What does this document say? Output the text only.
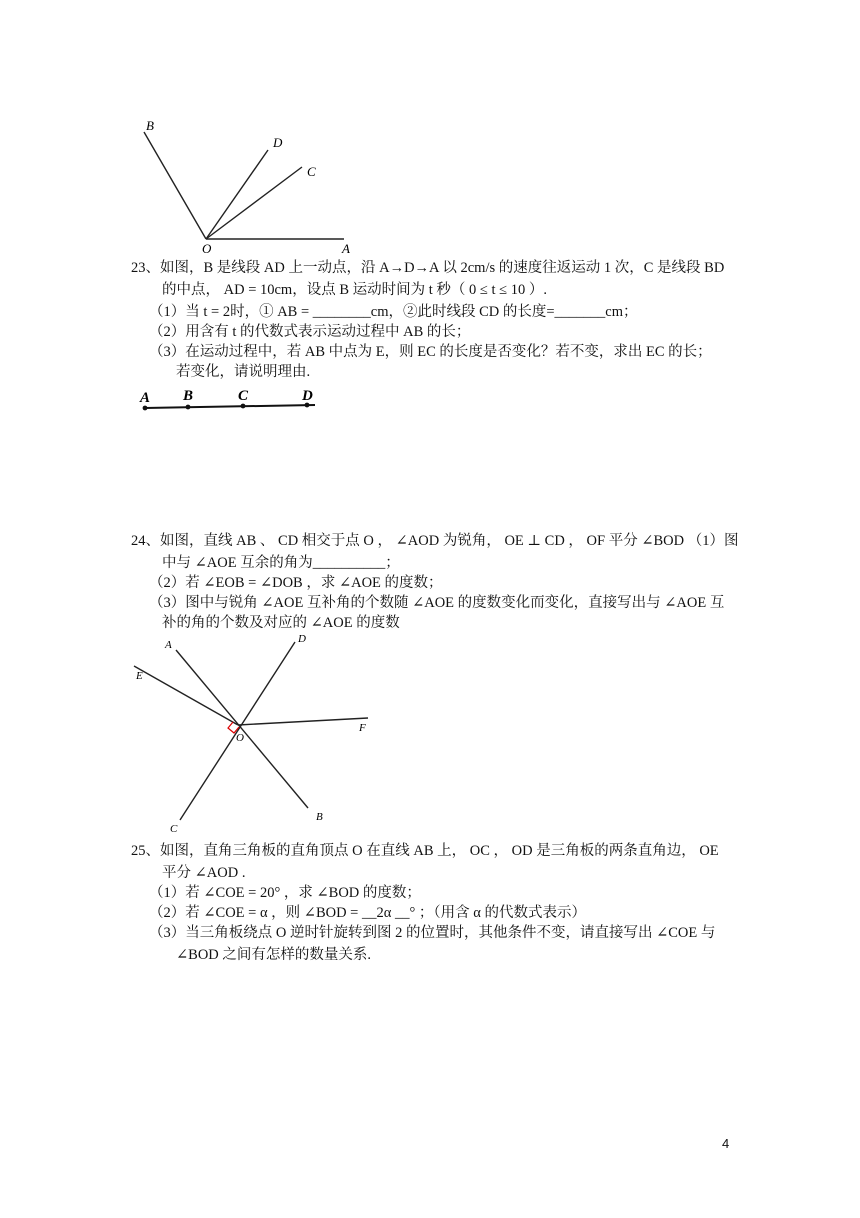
B
D
C
O	A
23、如图，B 是线段 AD 上一动点，沿 A→D→A 以 2cm/s 的速度往返运动 1 次，C 是线段 BD
的中点， AD = 10cm，设点 B 运动时间为 t 秒（ 0 ≤ t ≤ 10 ）.
（1）当 t = 2时，① AB = ________cm，②此时线段 CD 的长度=_______cm；
（2）用含有 t 的代数式表示运动过程中 AB 的长；
（3）在运动过程中，若 AB 中点为 E，则 EC 的长度是否变化？若不变，求出 EC 的长；
若变化，请说明理由.
A B	C	D
24、如图，直线 AB 、 CD 相交于点 O ， ∠AOD 为锐角， OE ⊥ CD ， OF 平分 ∠BOD （1）图
中与 ∠AOE 互余的角为__________；
（2）若 ∠EOB = ∠DOB ，求 ∠AOE 的度数；
（3）图中与锐角 ∠AOE 互补角的个数随 ∠AOE 的度数变化而变化，直接写出与 ∠AOE 互
补的角的个数及对应的 ∠AOE 的度数
A	D
E
F
O
C
B
25、如图，直角三角板的直角顶点 O 在直线 AB 上， OC ， OD 是三角板的两条直角边， OE
平分 ∠AOD .
（1）若 ∠COE = 20° ，求 ∠BOD 的度数；
（2）若 ∠COE = α ，则 ∠BOD = __2α __° ；（用含 α 的代数式表示）
（3）当三角板绕点 O 逆时针旋转到图 2 的位置时，其他条件不变，请直接写出 ∠COE 与
∠BOD 之间有怎样的数量关系.
4
